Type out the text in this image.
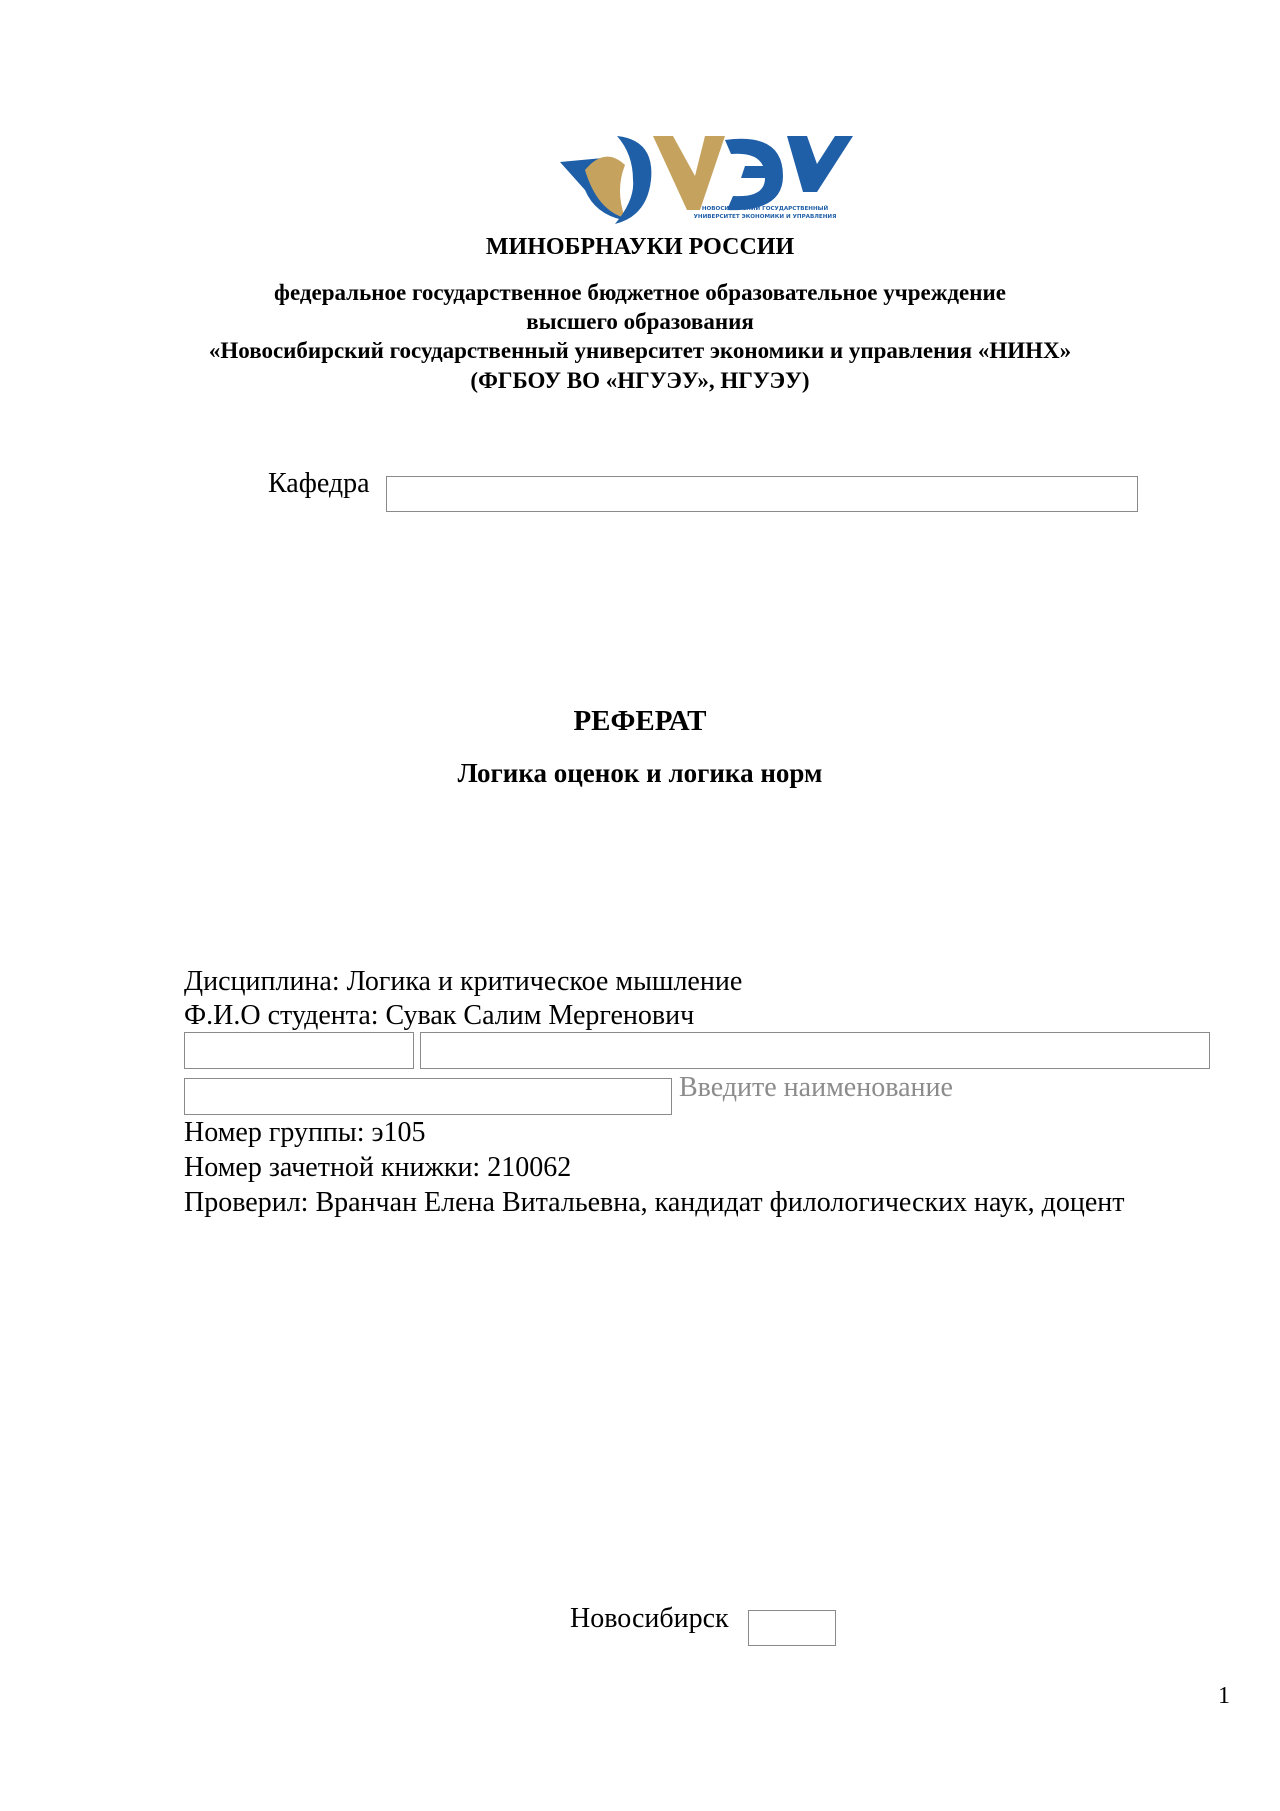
НОВОСИБИРСКИЙ ГОСУДАРСТВЕННЫЙ
УНИВЕРСИТЕТ ЭКОНОМИКИ И УПРАВЛЕНИЯ
МИНОБРНАУКИ РОССИИ
федеральное государственное бюджетное образовательное учреждение
высшего образования
«Новосибирский государственный университет экономики и управления «НИНХ»
(ФГБОУ ВО «НГУЭУ», НГУЭУ)
Кафедра
РЕФЕРАТ
Логика оценок и логика норм
Дисциплина: Логика и критическое мышление
Ф.И.О студента: Сувак Салим Мергенович
Введите наименование
Номер группы: э105
Номер зачетной книжки: 210062
Проверил: Вранчан Елена Витальевна, кандидат филологических наук, доцент
Новосибирск
1
